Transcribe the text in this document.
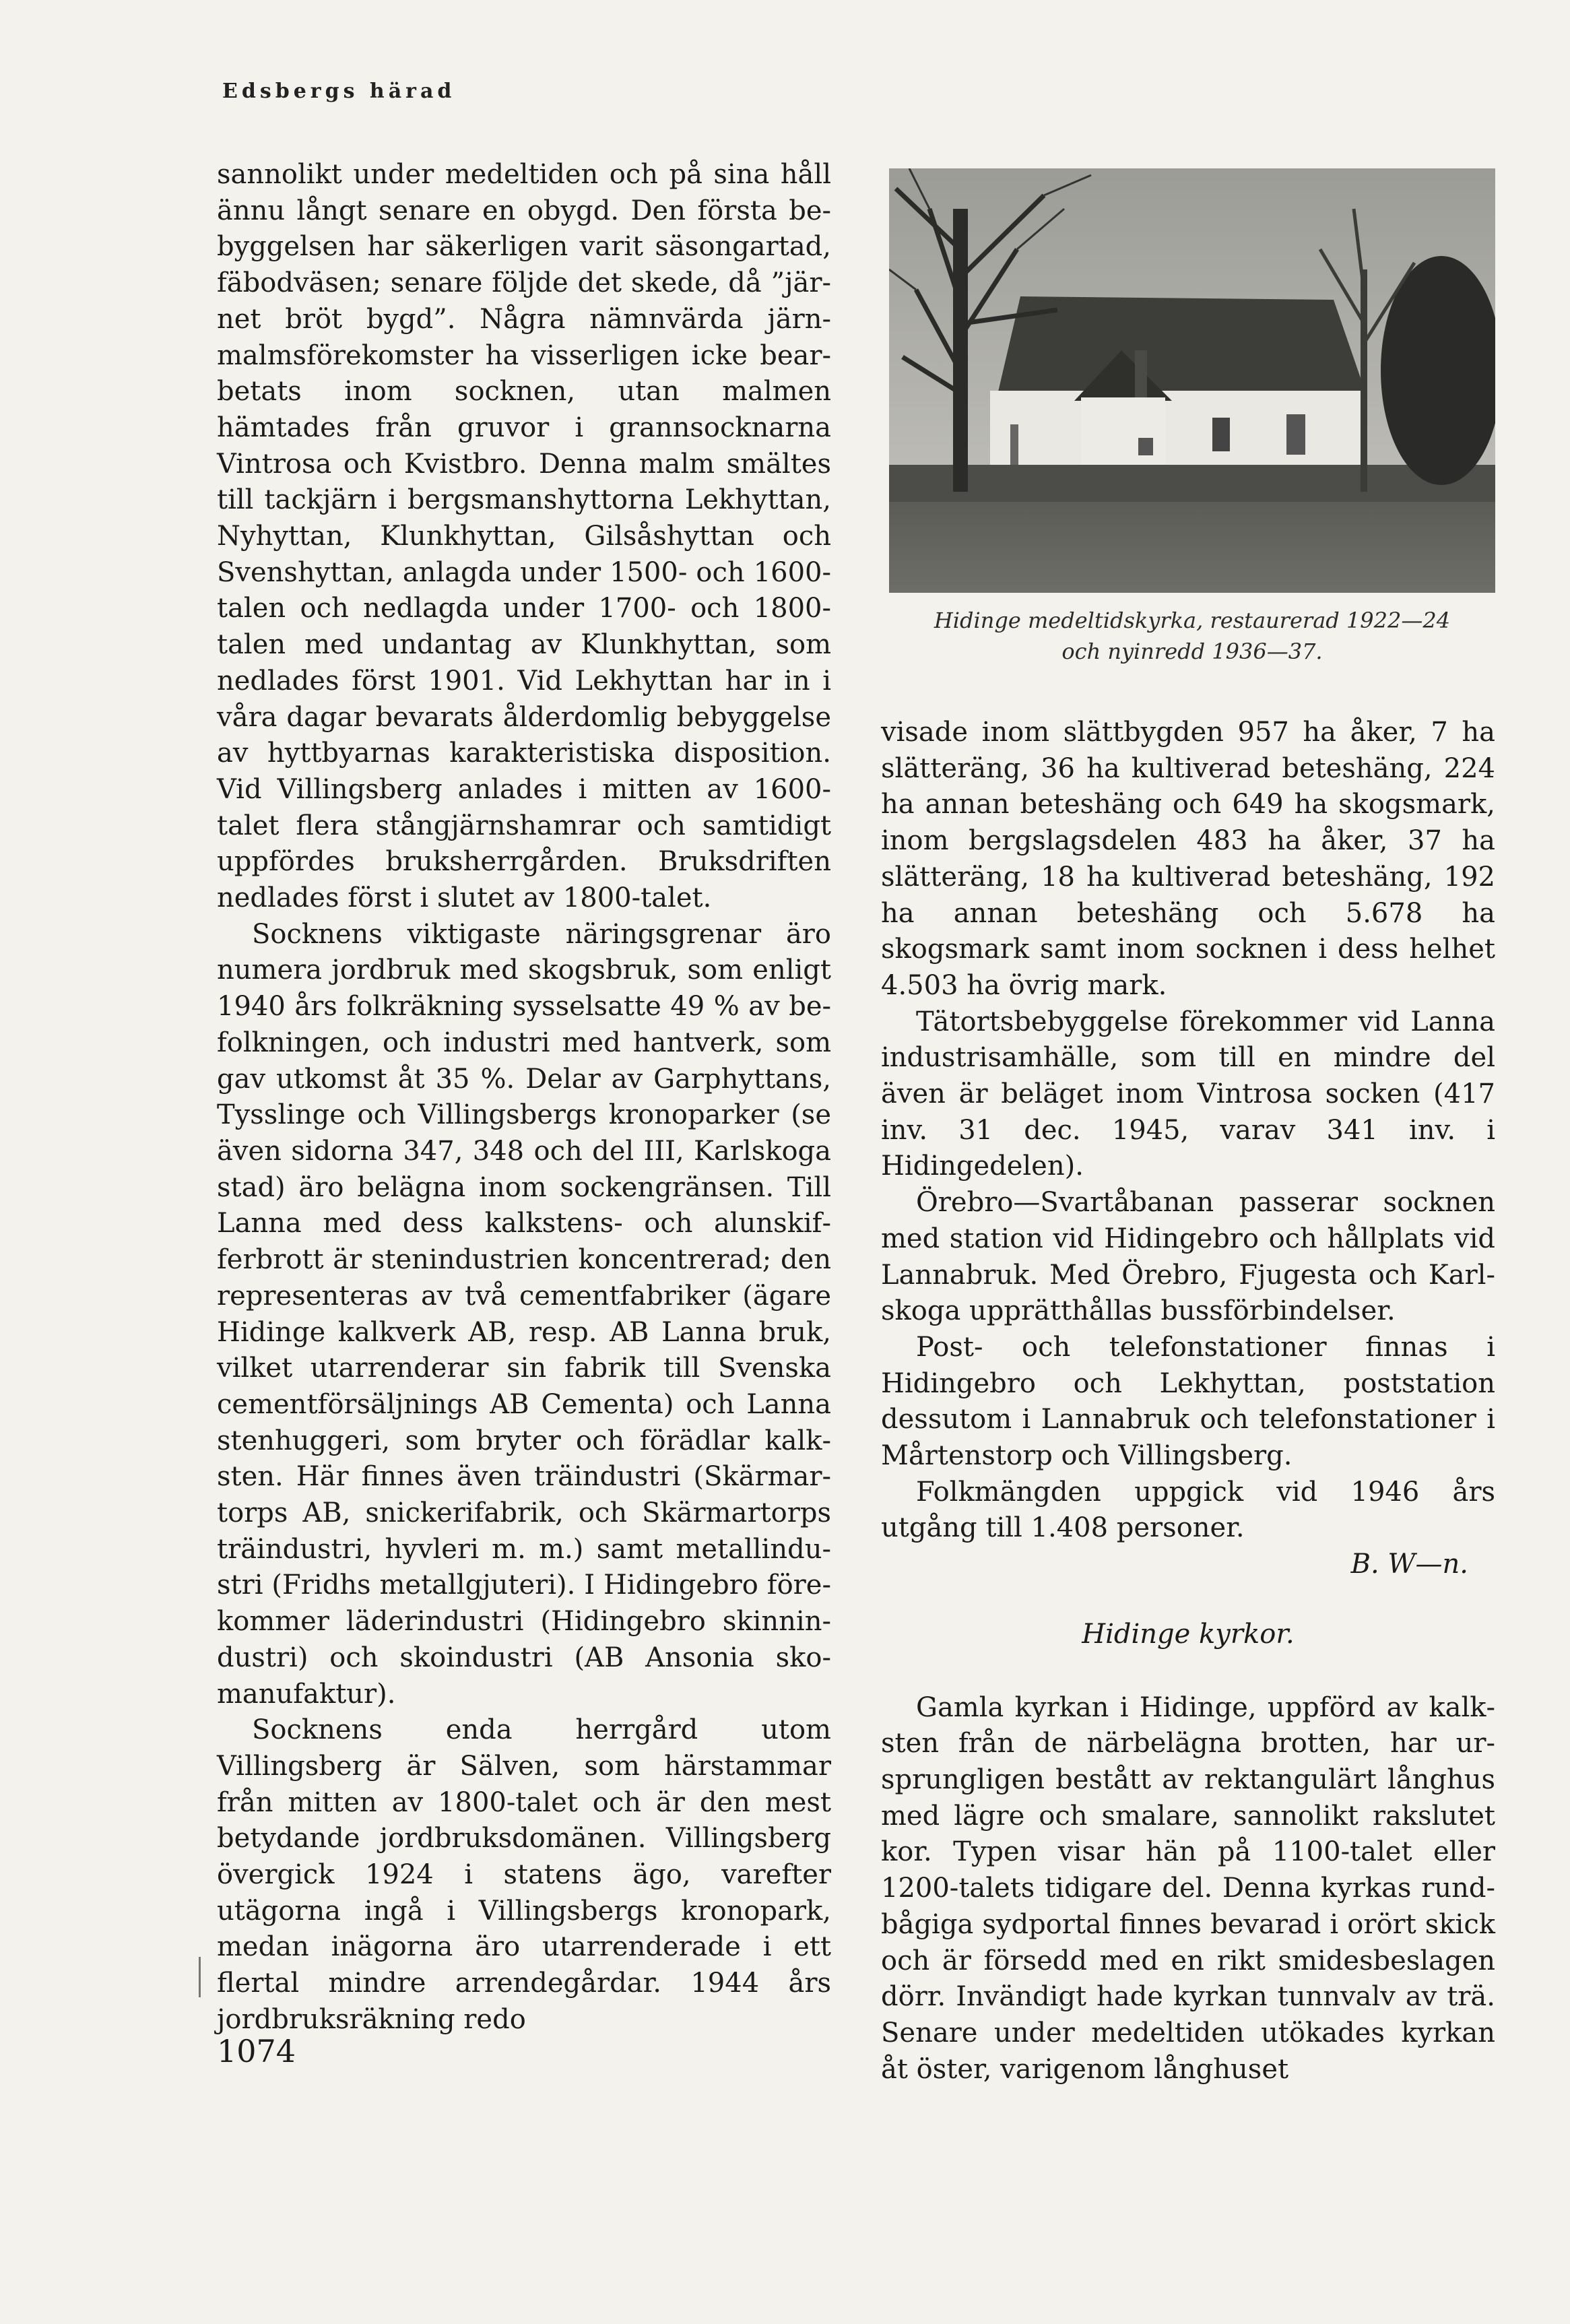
Edsbergs härad

sannolikt under medeltiden och på sina håll ännu långt senare en obygd. Den första bebyggelsen har säkerligen varit säsongartad, fäbodväsen; senare följde det skede, då ”järnet bröt bygd”. Några nämnvärda järnmalmsförekomster ha visserligen icke bearbetats inom socknen, utan malmen hämtades från gruvor i grannsocknarna Vintrosa och Kvistbro. Denna malm smältes till tackjärn i bergsmanshyttorna Lekhyttan, Nyhyttan, Klunkhyttan, Gilsåshyttan och Svenshyttan, anlagda under 1500- och 1600-talen och nedlagda under 1700- och 1800-talen med undantag av Klunkhyttan, som nedlades först 1901. Vid Lekhyttan har in i våra dagar bevarats ålderdomlig bebyggelse av hyttbyarnas karakteristiska disposition. Vid Villingsberg anlades i mitten av 1600-talet flera stångjärnshamrar och samtidigt uppfördes bruksherrgården. Bruksdriften nedlades först i slutet av 1800-talet.

Socknens viktigaste näringsgrenar äro numera jordbruk med skogsbruk, som enligt 1940 års folkräkning sysselsatte 49 % av befolkningen, och industri med hantverk, som gav utkomst åt 35 %. Delar av Garphyttans, Tysslinge och Villingsbergs kronoparker (se även sidorna 347, 348 och del III, Karlskoga stad) äro belägna inom sockengränsen. Till Lanna med dess kalkstens- och alunskifferbrott är stenindustrien koncentrerad; den representeras av två cementfabriker (ägare Hidinge kalkverk AB, resp. AB Lanna bruk, vilket utarrenderar sin fabrik till Svenska cementförsäljnings AB Cementa) och Lanna stenhuggeri, som bryter och förädlar kalksten. Här finnes även träindustri (Skärmartorps AB, snickerifabrik, och Skärmartorps träindustri, hyvleri m. m.) samt metallindustri (Fridhs metallgjuteri). I Hidingebro förekommer läderindustri (Hidingebro skinnindustri) och skoindustri (AB Ansonia skomanufaktur).

Socknens enda herrgård utom Villingsberg är Sälven, som härstammar från mitten av 1800-talet och är den mest betydande jordbruksdomänen. Villingsberg övergick 1924 i statens ägo, varefter utägorna ingå i Villingsbergs kronopark, medan inägorna äro utarrenderade i ett flertal mindre arrendegårdar. 1944 års jordbruksräkning redo

Hidinge medeltidskyrka, restaurerad 1922—24
och nyinredd 1936—37.

visade inom slättbygden 957 ha åker, 7 ha slätteräng, 36 ha kultiverad beteshäng, 224 ha annan beteshäng och 649 ha skogsmark, inom bergslagsdelen 483 ha åker, 37 ha slätteräng, 18 ha kultiverad beteshäng, 192 ha annan beteshäng och 5.678 ha skogsmark samt inom socknen i dess helhet 4.503 ha övrig mark.

Tätortsbebyggelse förekommer vid Lanna industrisamhälle, som till en mindre del även är beläget inom Vintrosa socken (417 inv. 31 dec. 1945, varav 341 inv. i Hidingedelen).

Örebro—Svartåbanan passerar socknen med station vid Hidingebro och hållplats vid Lannabruk. Med Örebro, Fjugesta och Karlskoga upprätthållas bussförbindelser.

Post- och telefonstationer finnas i Hidingebro och Lekhyttan, poststation dessutom i Lannabruk och telefonstationer i Mårtenstorp och Villingsberg.

Folkmängden uppgick vid 1946 års utgång till 1.408 personer.

B. W—n.

Hidinge kyrkor.

Gamla kyrkan i Hidinge, uppförd av kalksten från de närbelägna brotten, har ursprungligen bestått av rektangulärt långhus med lägre och smalare, sannolikt rakslutet kor. Typen visar hän på 1100-talet eller 1200-talets tidigare del. Denna kyrkas rundbågiga sydportal finnes bevarad i orört skick och är försedd med en rikt smidesbeslagen dörr. Invändigt hade kyrkan tunnvalv av trä. Senare under medeltiden utökades kyrkan åt öster, varigenom långhuset

1074
